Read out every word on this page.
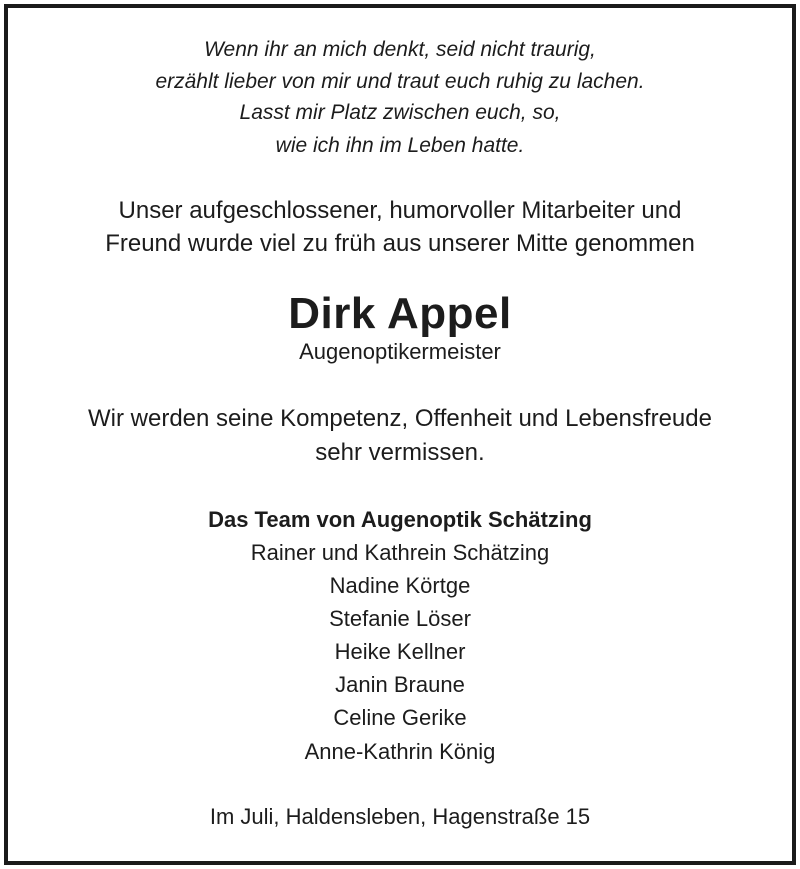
Wenn ihr an mich denkt, seid nicht traurig,
erzählt lieber von mir und traut euch ruhig zu lachen.
Lasst mir Platz zwischen euch, so,
wie ich ihn im Leben hatte.
Unser aufgeschlossener, humorvoller Mitarbeiter und
Freund wurde viel zu früh aus unserer Mitte genommen
Dirk Appel
Augenoptikermeister
Wir werden seine Kompetenz, Offenheit und Lebensfreude
sehr vermissen.
Das Team von Augenoptik Schätzing
Rainer und Kathrein Schätzing
Nadine Körtge
Stefanie Löser
Heike Kellner
Janin Braune
Celine Gerike
Anne-Kathrin König
Im Juli, Haldensleben, Hagenstraße 15
